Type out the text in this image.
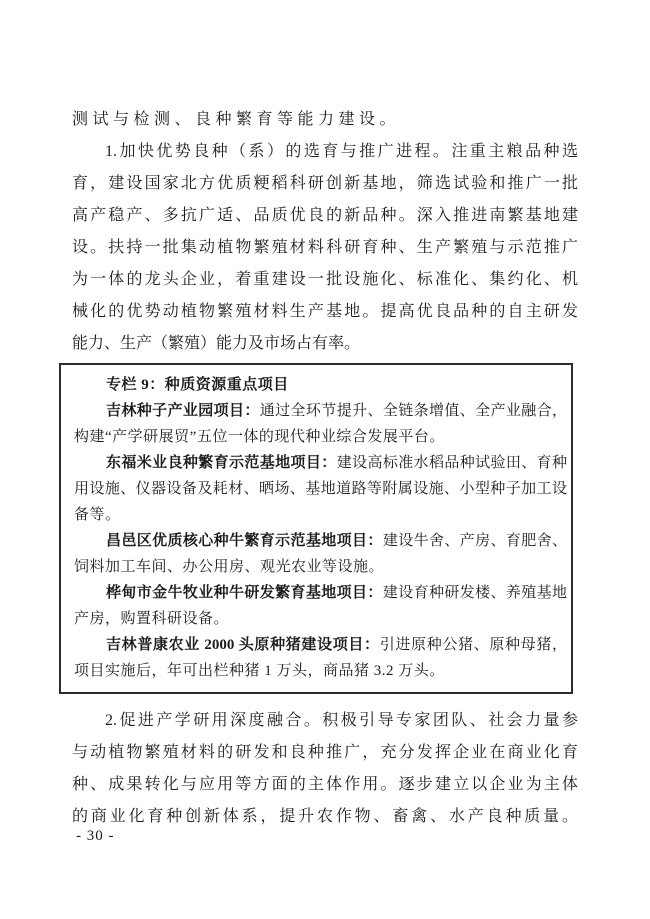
测试与检测、良种繁育等能力建设。
1.加快优势良种（系）的选育与推广进程。注重主粮品种选
育，建设国家北方优质粳稻科研创新基地，筛选试验和推广一批
高产稳产、多抗广适、品质优良的新品种。深入推进南繁基地建
设。扶持一批集动植物繁殖材料科研育种、生产繁殖与示范推广
为一体的龙头企业，着重建设一批设施化、标准化、集约化、机
械化的优势动植物繁殖材料生产基地。提高优良品种的自主研发
能力、生产（繁殖）能力及市场占有率。
专栏 9：种质资源重点项目
吉林种子产业园项目：通过全环节提升、全链条增值、全产业融合，
构建“产学研展贸”五位一体的现代种业综合发展平台。
东福米业良种繁育示范基地项目：建设高标准水稻品种试验田、育种
用设施、仪器设备及耗材、晒场、基地道路等附属设施、小型种子加工设
备等。
昌邑区优质核心种牛繁育示范基地项目：建设牛舍、产房、育肥舍、
饲料加工车间、办公用房、观光农业等设施。
桦甸市金牛牧业种牛研发繁育基地项目：建设育种研发楼、养殖基地
产房，购置科研设备。
吉林普康农业 2000 头原种猪建设项目：引进原种公猪、原种母猪，
项目实施后，年可出栏种猪 1 万头，商品猪 3.2 万头。
2.促进产学研用深度融合。积极引导专家团队、社会力量参
与动植物繁殖材料的研发和良种推广，充分发挥企业在商业化育
种、成果转化与应用等方面的主体作用。逐步建立以企业为主体
的商业化育种创新体系，提升农作物、畜禽、水产良种质量。
- 30 -
